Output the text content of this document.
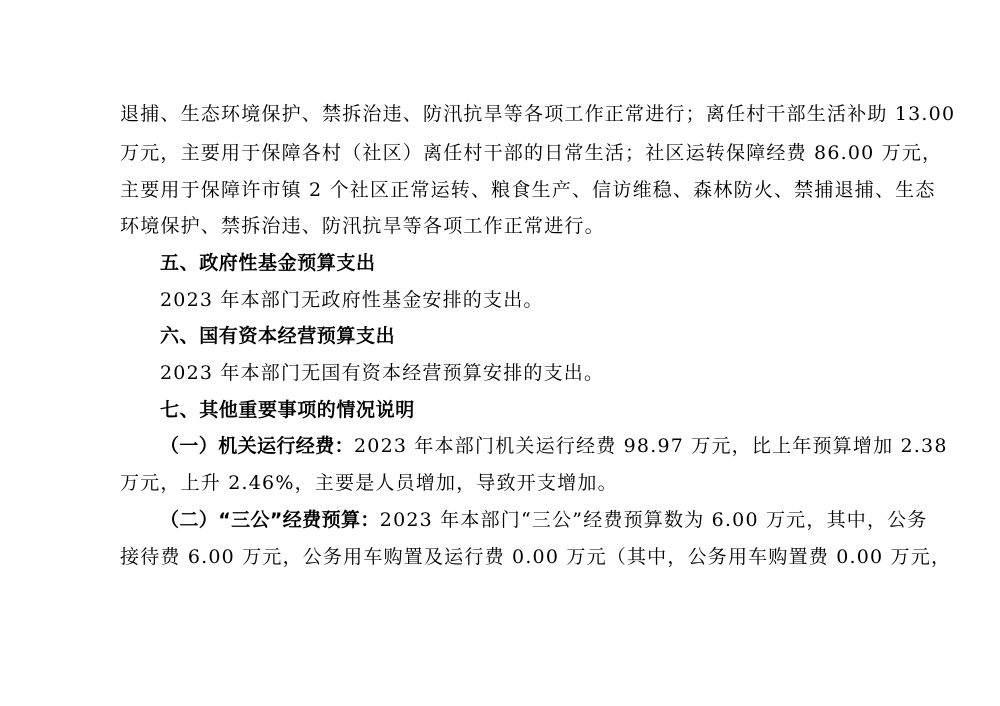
退捕、生态环境保护、禁拆治违、防汛抗旱等各项工作正常进行；离任村干部生活补助 13.00
万元，主要用于保障各村（社区）离任村干部的日常生活；社区运转保障经费 86.00 万元，
主要用于保障许市镇 2 个社区正常运转、粮食生产、信访维稳、森林防火、禁捕退捕、生态
环境保护、禁拆治违、防汛抗旱等各项工作正常进行。
五、政府性基金预算支出
2023 年本部门无政府性基金安排的支出。
六、国有资本经营预算支出
2023 年本部门无国有资本经营预算安排的支出。
七、其他重要事项的情况说明
（一）机关运行经费：2023 年本部门机关运行经费 98.97 万元，比上年预算增加 2.38
万元，上升 2.46%，主要是人员增加，导致开支增加。
（二）“三公”经费预算：2023 年本部门“三公”经费预算数为 6.00 万元，其中，公务
接待费 6.00 万元，公务用车购置及运行费 0.00 万元（其中，公务用车购置费 0.00 万元，
